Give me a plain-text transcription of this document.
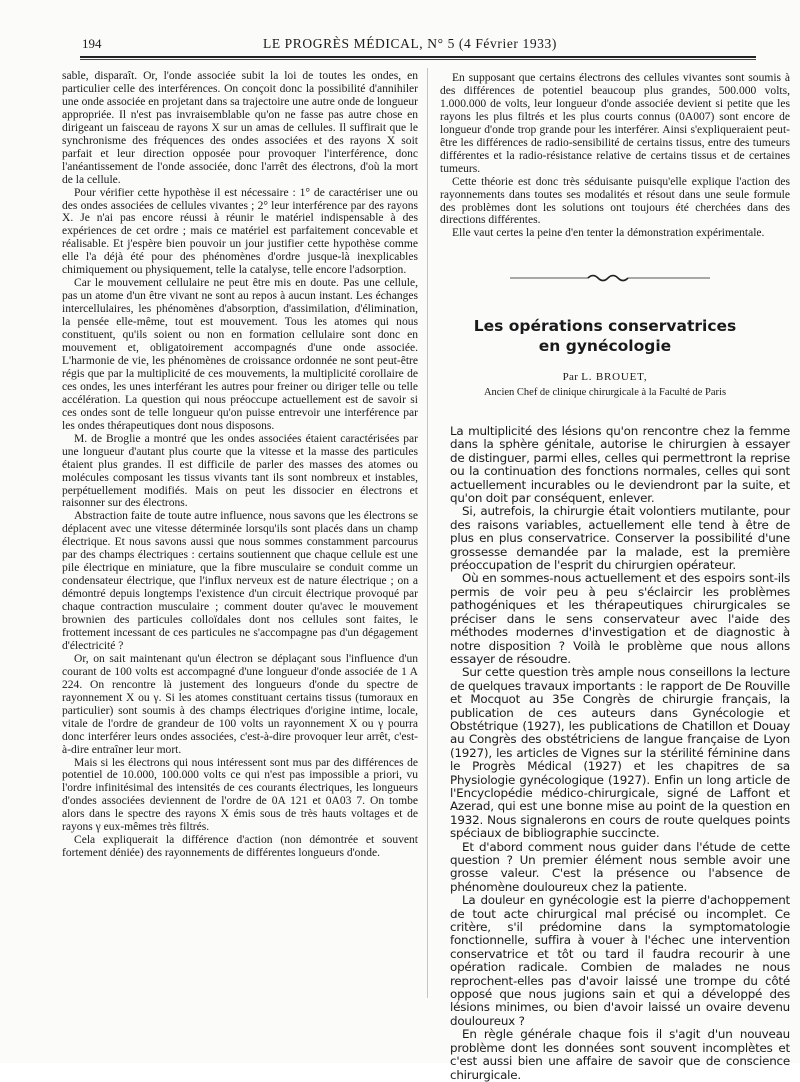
194	LE PROGRÈS MÉDICAL, N° 5 (4 Février 1933)

sable, disparaît. Or, l'onde associée subit la loi de toutes les ondes, en particulier celle des interférences. On conçoit donc la possibilité d'annihiler une onde associée en projetant dans sa trajectoire une autre onde de longueur appropriée. Il n'est pas invraisemblable qu'on ne fasse pas autre chose en dirigeant un faisceau de rayons X sur un amas de cellules. Il suffirait que le synchronisme des fréquences des ondes associées et des rayons X soit parfait et leur direction opposée pour provoquer l'interférence, donc l'anéantissement de l'onde associée, donc l'arrêt des électrons, d'où la mort de la cellule.

Pour vérifier cette hypothèse il est nécessaire : 1° de caractériser une ou des ondes associées de cellules vivantes ; 2° leur interférence par des rayons X. Je n'ai pas encore réussi à réunir le matériel indispensable à des expériences de cet ordre ; mais ce matériel est parfaitement concevable et réalisable. Et j'espère bien pouvoir un jour justifier cette hypothèse comme elle l'a déjà été pour des phénomènes d'ordre jusque-là inexplicables chimiquement ou physiquement, telle la catalyse, telle encore l'adsorption.

Car le mouvement cellulaire ne peut être mis en doute. Pas une cellule, pas un atome d'un être vivant ne sont au repos à aucun instant. Les échanges intercellulaires, les phénomènes d'absorption, d'assimilation, d'élimination, la pensée elle-même, tout est mouvement. Tous les atomes qui nous constituent, qu'ils soient ou non en formation cellulaire sont donc en mouvement et, obligatoirement accompagnés d'une onde associée. L'harmonie de vie, les phénomènes de croissance ordonnée ne sont peut-être régis que par la multiplicité de ces mouvements, la multiplicité corollaire de ces ondes, les unes interférant les autres pour freiner ou diriger telle ou telle accélération. La question qui nous préoccupe actuellement est de savoir si ces ondes sont de telle longueur qu'on puisse entrevoir une interférence par les ondes thérapeutiques dont nous disposons.

M. de Broglie a montré que les ondes associées étaient caractérisées par une longueur d'autant plus courte que la vitesse et la masse des particules étaient plus grandes. Il est difficile de parler des masses des atomes ou molécules composant les tissus vivants tant ils sont nombreux et instables, perpétuellement modifiés. Mais on peut les dissocier en électrons et raisonner sur des électrons.

Abstraction faite de toute autre influence, nous savons que les électrons se déplacent avec une vitesse déterminée lorsqu'ils sont placés dans un champ électrique. Et nous savons aussi que nous sommes constamment parcourus par des champs électriques : certains soutiennent que chaque cellule est une pile électrique en miniature, que la fibre musculaire se conduit comme un condensateur électrique, que l'influx nerveux est de nature électrique ; on a démontré depuis longtemps l'existence d'un circuit électrique provoqué par chaque contraction musculaire ; comment douter qu'avec le mouvement brownien des particules colloïdales dont nos cellules sont faites, le frottement incessant de ces particules ne s'accompagne pas d'un dégagement d'électricité ?

Or, on sait maintenant qu'un électron se déplaçant sous l'influence d'un courant de 100 volts est accompagné d'une longueur d'onde associée de 1 A 224. On rencontre là justement des longueurs d'onde du spectre de rayonnement X ou γ. Si les atomes constituant certains tissus (tumoraux en particulier) sont soumis à des champs électriques d'origine intime, locale, vitale de l'ordre de grandeur de 100 volts un rayonnement X ou γ pourra donc interférer leurs ondes associées, c'est-à-dire provoquer leur arrêt, c'est-à-dire entraîner leur mort.

Mais si les électrons qui nous intéressent sont mus par des différences de potentiel de 10.000, 100.000 volts ce qui n'est pas impossible a priori, vu l'ordre infinitésimal des intensités de ces courants électriques, les longueurs d'ondes associées deviennent de l'ordre de 0A 121 et 0A03 7. On tombe alors dans le spectre des rayons X émis sous de très hauts voltages et de rayons γ eux-mêmes très filtrés.

Cela expliquerait la différence d'action (non démontrée et souvent fortement déniée) des rayonnements de différentes longueurs d'onde.

En supposant que certains électrons des cellules vivantes sont soumis à des différences de potentiel beaucoup plus grandes, 500.000 volts, 1.000.000 de volts, leur longueur d'onde associée devient si petite que les rayons les plus filtrés et les plus courts connus (0A007) sont encore de longueur d'onde trop grande pour les interférer. Ainsi s'expliqueraient peut-être les différences de radio-sensibilité de certains tissus, entre des tumeurs différentes et la radio-résistance relative de certains tissus et de certaines tumeurs.

Cette théorie est donc très séduisante puisqu'elle explique l'action des rayonnements dans toutes ses modalités et résout dans une seule formule des problèmes dont les solutions ont toujours été cherchées dans des directions différentes.

Elle vaut certes la peine d'en tenter la démonstration expérimentale.

Les opérations conservatrices
en gynécologie
Par L. BROUET,
Ancien Chef de clinique chirurgicale à la Faculté de Paris

La multiplicité des lésions qu'on rencontre chez la femme dans la sphère génitale, autorise le chirurgien à essayer de distinguer, parmi elles, celles qui permettront la reprise ou la continuation des fonctions normales, celles qui sont actuellement incurables ou le deviendront par la suite, et qu'on doit par conséquent, enlever.

Si, autrefois, la chirurgie était volontiers mutilante, pour des raisons variables, actuellement elle tend à être de plus en plus conservatrice. Conserver la possibilité d'une grossesse demandée par la malade, est la première préoccupation de l'esprit du chirurgien opérateur.

Où en sommes-nous actuellement et des espoirs sont-ils permis de voir peu à peu s'éclaircir les problèmes pathogéniques et les thérapeutiques chirurgicales se préciser dans le sens conservateur avec l'aide des méthodes modernes d'investigation et de diagnostic à notre disposition ? Voilà le problème que nous allons essayer de résoudre.

Sur cette question très ample nous conseillons la lecture de quelques travaux importants : le rapport de De Rouville et Mocquot au 35e Congrès de chirurgie français, la publication de ces auteurs dans Gynécologie et Obstétrique (1927), les publications de Chatillon et Douay au Congrès des obstétriciens de langue française de Lyon (1927), les articles de Vignes sur la stérilité féminine dans le Progrès Médical (1927) et les chapitres de sa Physiologie gynécologique (1927). Enfin un long article de l'Encyclopédie médico-chirurgicale, signé de Laffont et Azerad, qui est une bonne mise au point de la question en 1932. Nous signalerons en cours de route quelques points spéciaux de bibliographie succincte.

Et d'abord comment nous guider dans l'étude de cette question ? Un premier élément nous semble avoir une grosse valeur. C'est la présence ou l'absence de phénomène douloureux chez la patiente.

La douleur en gynécologie est la pierre d'achoppement de tout acte chirurgical mal précisé ou incomplet. Ce critère, s'il prédomine dans la symptomatologie fonctionnelle, suffira à vouer à l'échec une intervention conservatrice et tôt ou tard il faudra recourir à une opération radicale. Combien de malades ne nous reprochent-elles pas d'avoir laissé une trompe du côté opposé que nous jugions sain et qui a développé des lésions minimes, ou bien d'avoir laissé un ovaire devenu douloureux ?

En règle générale chaque fois il s'agit d'un nouveau problème dont les données sont souvent incomplètes et c'est aussi bien une affaire de savoir que de conscience chirurgicale.
